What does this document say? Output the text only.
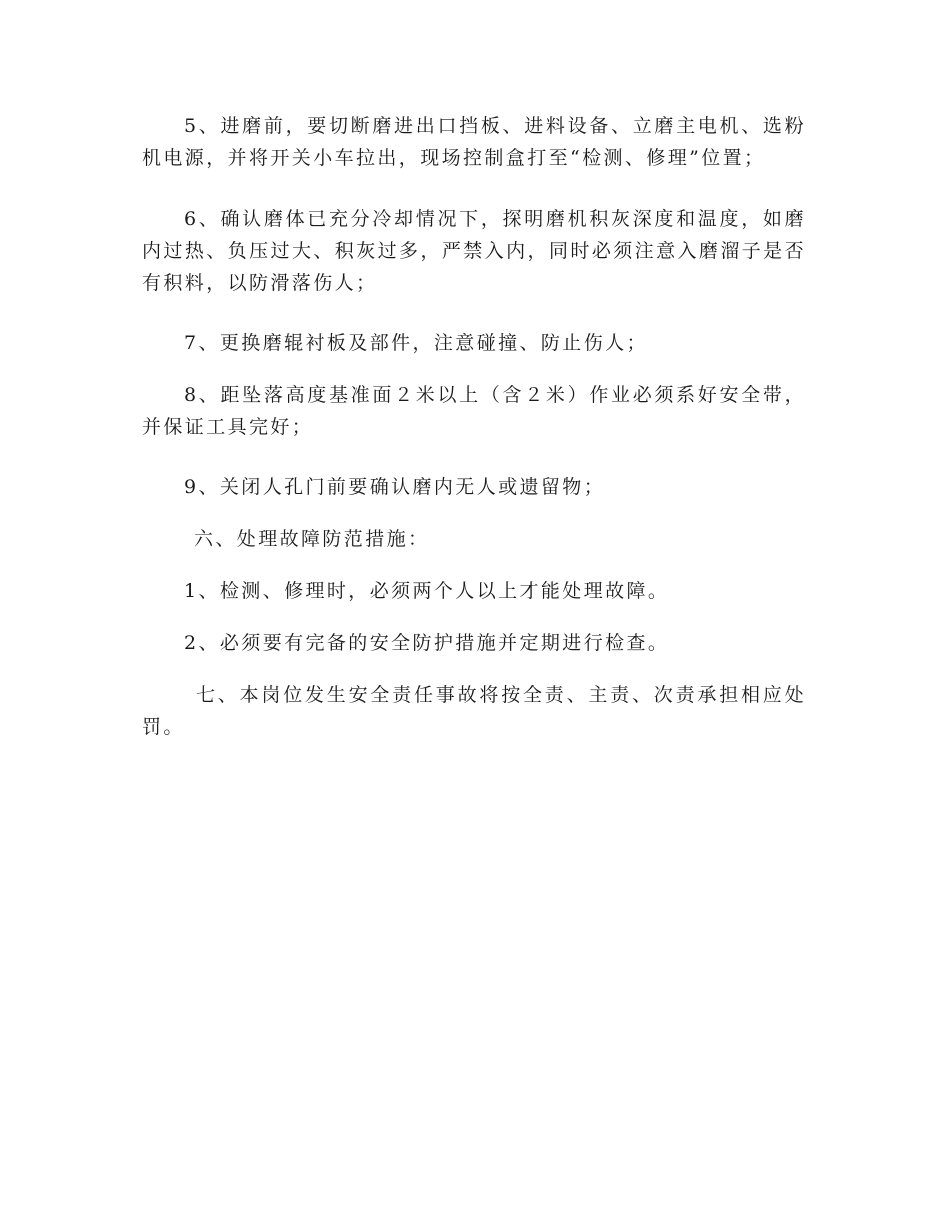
5、进磨前，要切断磨进出口挡板、进料设备、立磨主电机、选粉机电源，并将开关小车拉出，现场控制盒打至“检测、修理”位置；

6、确认磨体已充分冷却情况下，探明磨机积灰深度和温度，如磨内过热、负压过大、积灰过多，严禁入内，同时必须注意入磨溜子是否有积料，以防滑落伤人；

7、更换磨辊衬板及部件，注意碰撞、防止伤人；

8、距坠落高度基准面２米以上（含２米）作业必须系好安全带，并保证工具完好；

9、关闭人孔门前要确认磨内无人或遗留物；

六、处理故障防范措施：

1、检测、修理时，必须两个人以上才能处理故障。

2、必须要有完备的安全防护措施并定期进行检查。

七、本岗位发生安全责任事故将按全责、主责、次责承担相应处罚。
